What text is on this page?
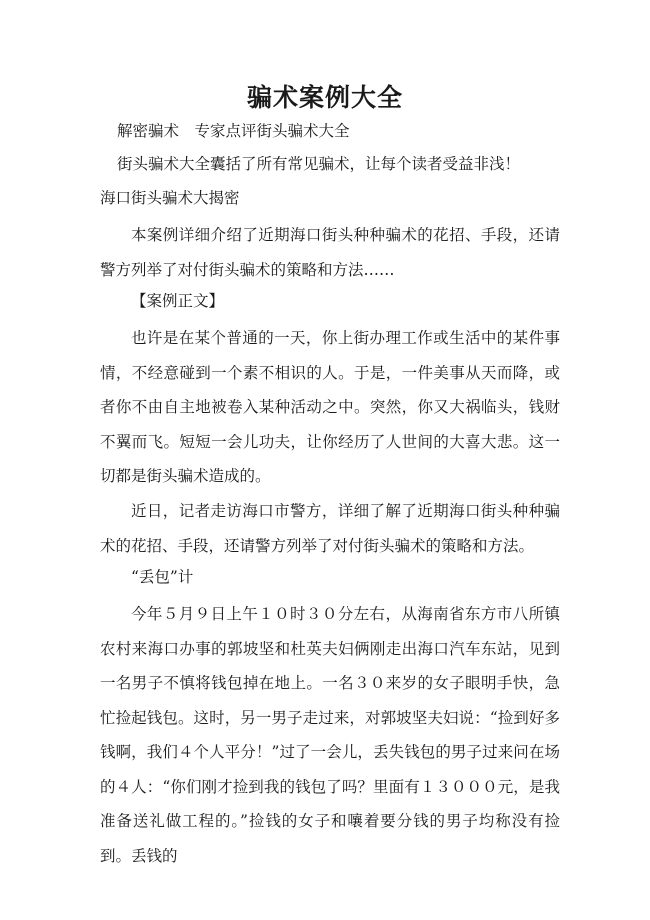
骗术案例大全
解密骗术　专家点评街头骗术大全
街头骗术大全囊括了所有常见骗术，让每个读者受益非浅！
海口街头骗术大揭密
本案例详细介绍了近期海口街头种种骗术的花招、手段，还请警方列举了对付街头骗术的策略和方法……
【案例正文】
也许是在某个普通的一天，你上街办理工作或生活中的某件事情，不经意碰到一个素不相识的人。于是，一件美事从天而降，或者你不由自主地被卷入某种活动之中。突然，你又大祸临头，钱财不翼而飞。短短一会儿功夫，让你经历了人世间的大喜大悲。这一切都是街头骗术造成的。
近日，记者走访海口市警方，详细了解了近期海口街头种种骗术的花招、手段，还请警方列举了对付街头骗术的策略和方法。
“丢包”计
今年５月９日上午１０时３０分左右，从海南省东方市八所镇农村来海口办事的郭坡坚和杜英夫妇俩刚走出海口汽车东站，见到一名男子不慎将钱包掉在地上。一名３０来岁的女子眼明手快，急忙捡起钱包。这时，另一男子走过来，对郭坡坚夫妇说：“捡到好多钱啊，我们４个人平分！”过了一会儿，丢失钱包的男子过来问在场的４人：“你们刚才捡到我的钱包了吗？里面有１３０００元，是我准备送礼做工程的。”捡钱的女子和嚷着要分钱的男子均称没有捡到。丢钱的
